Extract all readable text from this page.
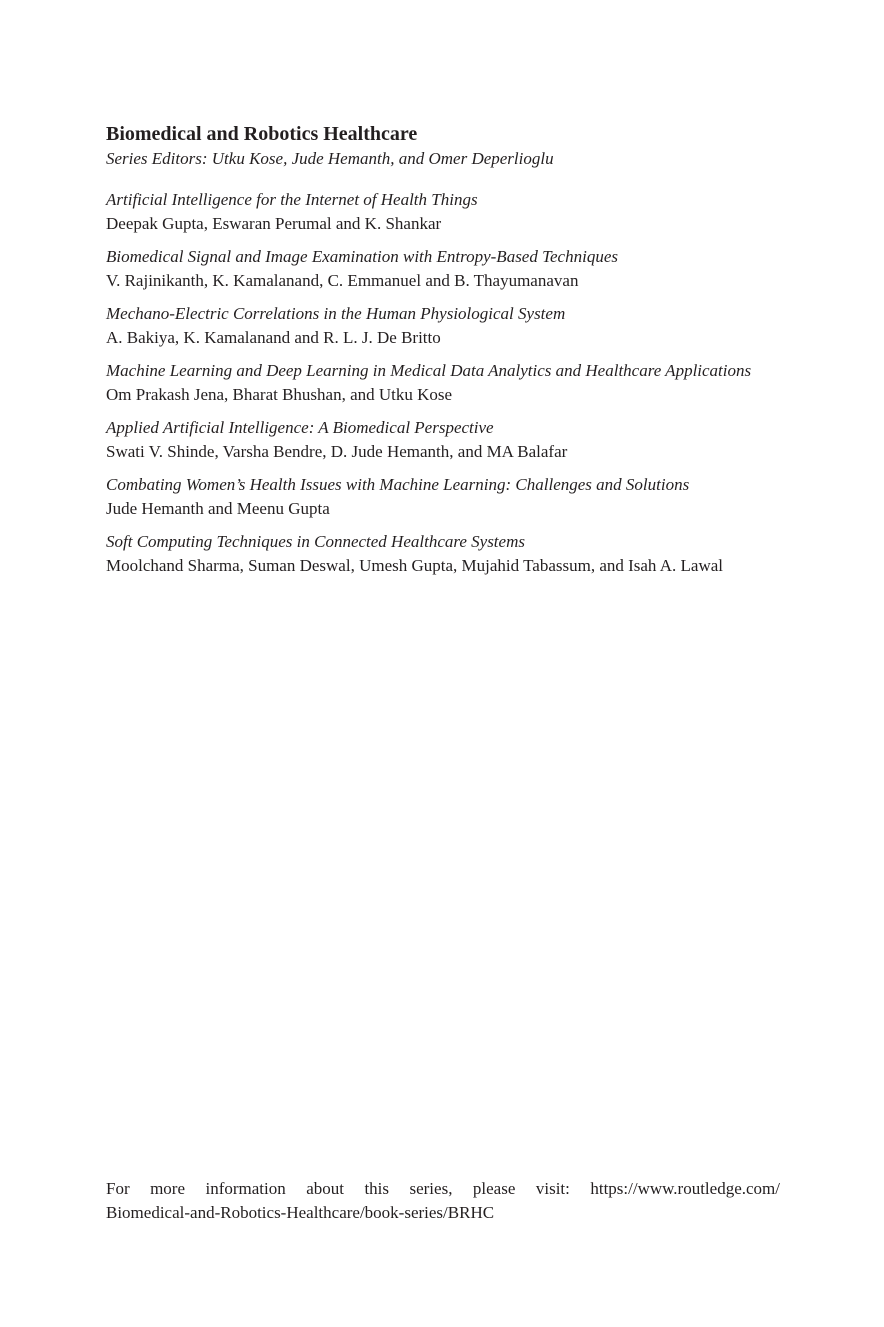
Biomedical and Robotics Healthcare

Series Editors: Utku Kose, Jude Hemanth, and Omer Deperlioglu

Artificial Intelligence for the Internet of Health Things
Deepak Gupta, Eswaran Perumal and K. Shankar
Biomedical Signal and Image Examination with Entropy-Based Techniques
V. Rajinikanth, K. Kamalanand, C. Emmanuel and B. Thayumanavan
Mechano-Electric Correlations in the Human Physiological System
A. Bakiya, K. Kamalanand and R. L. J. De Britto
Machine Learning and Deep Learning in Medical Data Analytics and Healthcare Applications
Om Prakash Jena, Bharat Bhushan, and Utku Kose
Applied Artificial Intelligence: A Biomedical Perspective
Swati V. Shinde, Varsha Bendre, D. Jude Hemanth, and MA Balafar
Combating Women’s Health Issues with Machine Learning: Challenges and Solutions
Jude Hemanth and Meenu Gupta
Soft Computing Techniques in Connected Healthcare Systems
Moolchand Sharma, Suman Deswal, Umesh Gupta, Mujahid Tabassum, and Isah A. Lawal
For more information about this series, please visit: https://www.routledge.com/
Biomedical-and-Robotics-Healthcare/book-series/BRHC
